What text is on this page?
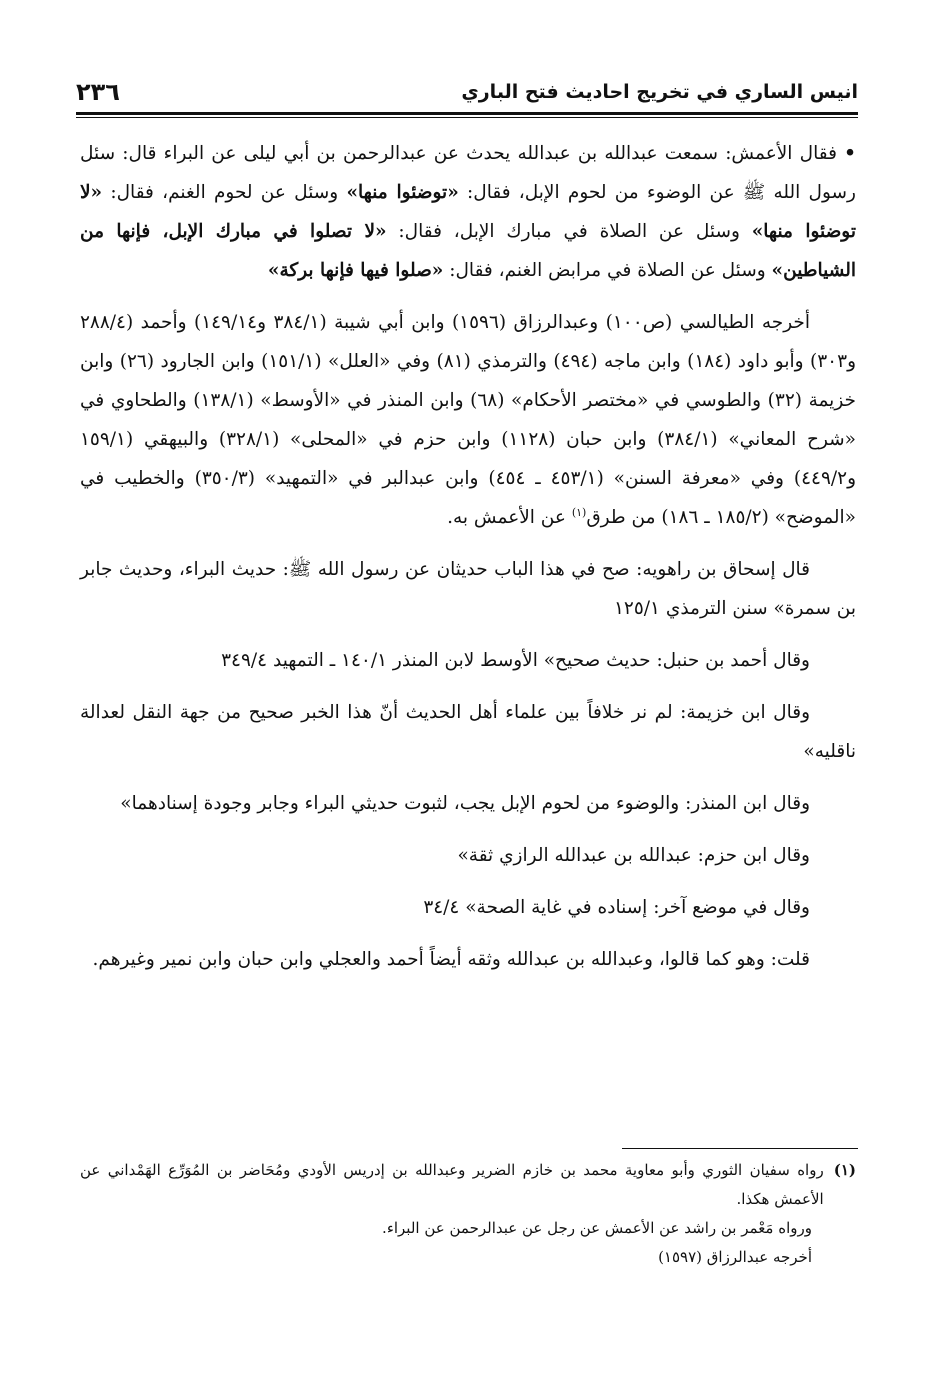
انيس الساري في تخريج احاديث فتح الباري
٢٣٦

• فقال الأعمش: سمعت عبدالله بن عبدالله يحدث عن عبدالرحمن بن أبي ليلى عن البراء قال: سئل رسول الله ﷺ عن الوضوء من لحوم الإبل، فقال: «توضئوا منها» وسئل عن لحوم الغنم، فقال: «لا توضئوا منها» وسئل عن الصلاة في مبارك الإبل، فقال: «لا تصلوا في مبارك الإبل، فإنها من الشياطين» وسئل عن الصلاة في مرابض الغنم، فقال: «صلوا فيها فإنها بركة»

أخرجه الطيالسي (ص١٠٠) وعبدالرزاق (١٥٩٦) وابن أبي شيبة (٣٨٤/١ و١٤٩/١٤) وأحمد (٢٨٨/٤ و٣٠٣) وأبو داود (١٨٤) وابن ماجه (٤٩٤) والترمذي (٨١) وفي «العلل» (١٥١/١) وابن الجارود (٢٦) وابن خزيمة (٣٢) والطوسي في «مختصر الأحكام» (٦٨) وابن المنذر في «الأوسط» (١٣٨/١) والطحاوي في «شرح المعاني» (٣٨٤/١) وابن حبان (١١٢٨) وابن حزم في «المحلى» (٣٢٨/١) والبيهقي (١٥٩/١ و٤٤٩/٢) وفي «معرفة السنن» (٤٥٣/١ ـ ٤٥٤) وابن عبدالبر في «التمهيد» (٣٥٠/٣) والخطيب في «الموضح» (١٨٥/٢ ـ ١٨٦) من طرق$^{(١)}$ عن الأعمش به.

قال إسحاق بن راهويه: صح في هذا الباب حديثان عن رسول الله ﷺ: حديث البراء، وحديث جابر بن سمرة» سنن الترمذي ١٢٥/١

وقال أحمد بن حنبل: حديث صحيح» الأوسط لابن المنذر ١٤٠/١ ـ التمهيد ٣٤٩/٤

وقال ابن خزيمة: لم نر خلافاً بين علماء أهل الحديث أنّ هذا الخبر صحيح من جهة النقل لعدالة ناقليه»

وقال ابن المنذر: والوضوء من لحوم الإبل يجب، لثبوت حديثي البراء وجابر وجودة إسنادهما»

وقال ابن حزم: عبدالله بن عبدالله الرازي ثقة»

وقال في موضع آخر: إسناده في غاية الصحة» ٣٤/٤

قلت: وهو كما قالوا، وعبدالله بن عبدالله وثقه أيضاً أحمد والعجلي وابن حبان وابن نمير وغيرهم.

(١)

رواه سفيان الثوري وأبو معاوية محمد بن خازم الضرير وعبدالله بن إدريس الأودي ومُحَاضر بن المُوَرِّع الهَمْداني عن الأعمش هكذا.

ورواه مَعْمر بن راشد عن الأعمش عن رجل عن عبدالرحمن عن البراء.

أخرجه عبدالرزاق (١٥٩٧)
